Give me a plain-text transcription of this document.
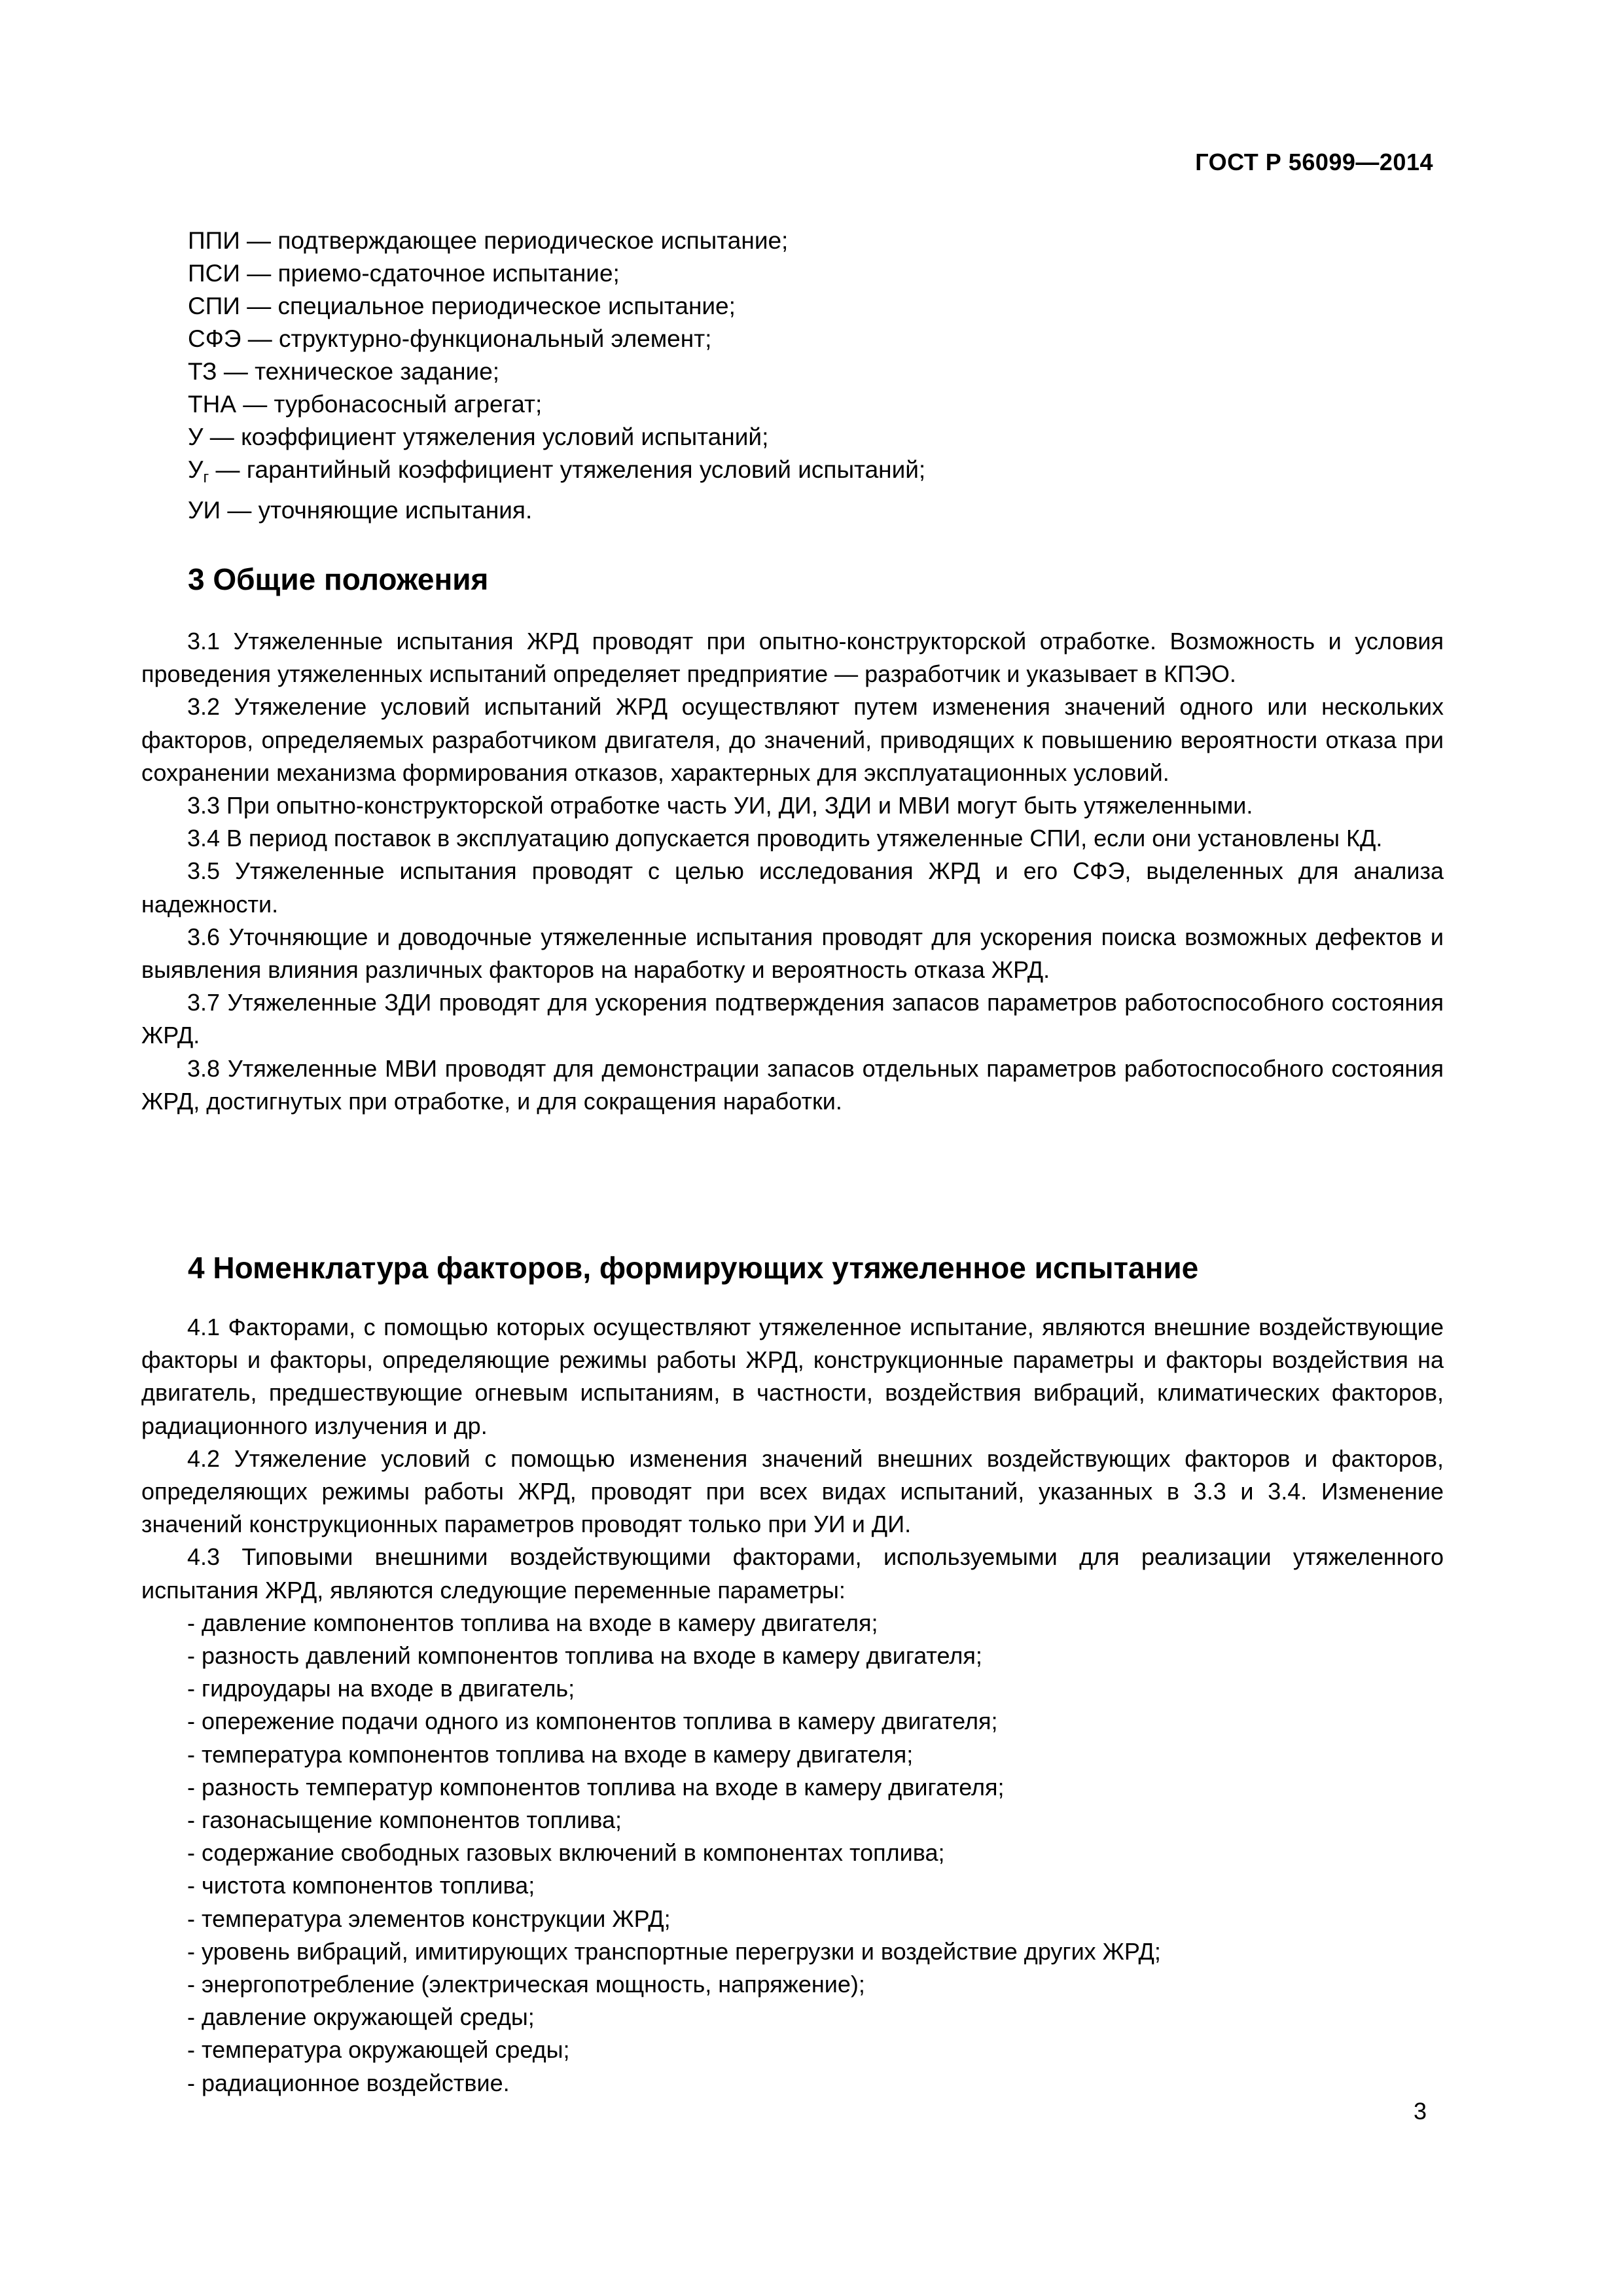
ГОСТ Р 56099—2014
ППИ — подтверждающее периодическое испытание;
ПСИ — приемо-сдаточное испытание;
СПИ — специальное периодическое испытание;
СФЭ — структурно-функциональный элемент;
ТЗ — техническое задание;
ТНА — турбонасосный агрегат;
У — коэффициент утяжеления условий испытаний;
$У_г$ — гарантийный коэффициент утяжеления условий испытаний;
УИ — уточняющие испытания.
3 Общие положения

3.1 Утяжеленные испытания ЖРД проводят при опытно-конструкторской отработке. Возможность и условия проведения утяжеленных испытаний определяет предприятие — разработчик и указывает в КПЭО.

3.2 Утяжеление условий испытаний ЖРД осуществляют путем изменения значений одного или нескольких факторов, определяемых разработчиком двигателя, до значений, приводящих к повышению вероятности отказа при сохранении механизма формирования отказов, характерных для эксплуатационных условий.

3.3 При опытно-конструкторской отработке часть УИ, ДИ, ЗДИ и МВИ могут быть утяжеленными.

3.4 В период поставок в эксплуатацию допускается проводить утяжеленные СПИ, если они установлены КД.

3.5 Утяжеленные испытания проводят с целью исследования ЖРД и его СФЭ, выделенных для анализа надежности.

3.6 Уточняющие и доводочные утяжеленные испытания проводят для ускорения поиска возможных дефектов и выявления влияния различных факторов на наработку и вероятность отказа ЖРД.

3.7 Утяжеленные ЗДИ проводят для ускорения подтверждения запасов параметров работоспособного состояния ЖРД.

3.8 Утяжеленные МВИ проводят для демонстрации запасов отдельных параметров работоспособного состояния ЖРД, достигнутых при отработке, и для сокращения наработки.

4 Номенклатура факторов, формирующих утяжеленное испытание

4.1 Факторами, с помощью которых осуществляют утяжеленное испытание, являются внешние воздействующие факторы и факторы, определяющие режимы работы ЖРД, конструкционные параметры и факторы воздействия на двигатель, предшествующие огневым испытаниям, в частности, воздействия вибраций, климатических факторов, радиационного излучения и др.

4.2 Утяжеление условий с помощью изменения значений внешних воздействующих факторов и факторов, определяющих режимы работы ЖРД, проводят при всех видах испытаний, указанных в 3.3 и 3.4. Изменение значений конструкционных параметров проводят только при УИ и ДИ.

4.3 Типовыми внешними воздействующими факторами, используемыми для реализации утяжеленного испытания ЖРД, являются следующие переменные параметры:

- давление компонентов топлива на входе в камеру двигателя;

- разность давлений компонентов топлива на входе в камеру двигателя;

- гидроудары на входе в двигатель;

- опережение подачи одного из компонентов топлива в камеру двигателя;

- температура компонентов топлива на входе в камеру двигателя;

- разность температур компонентов топлива на входе в камеру двигателя;

- газонасыщение компонентов топлива;

- содержание свободных газовых включений в компонентах топлива;

- чистота компонентов топлива;

- температура элементов конструкции ЖРД;

- уровень вибраций, имитирующих транспортные перегрузки и воздействие других ЖРД;

- энергопотребление (электрическая мощность, напряжение);

- давление окружающей среды;

- температура окружающей среды;

- радиационное воздействие.

3
